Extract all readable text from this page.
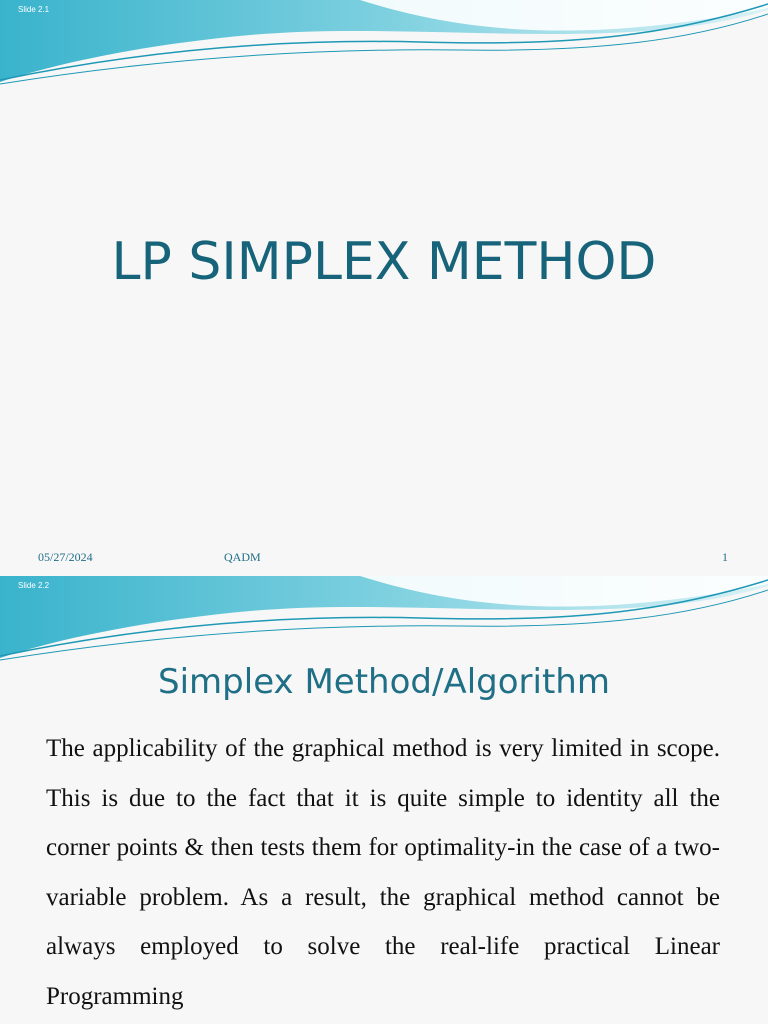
Slide 2.1
LP SIMPLEX METHOD
05/27/2024	QADM	1
Slide 2.2
Simplex Method/Algorithm
The applicability of the graphical method is very limited in scope. This is due to the fact that it is quite simple to identity all the corner points & then tests them for optimality-in the case of a two-variable problem. As a result, the graphical method cannot be always employed to solve the real-life practical Linear Programming
